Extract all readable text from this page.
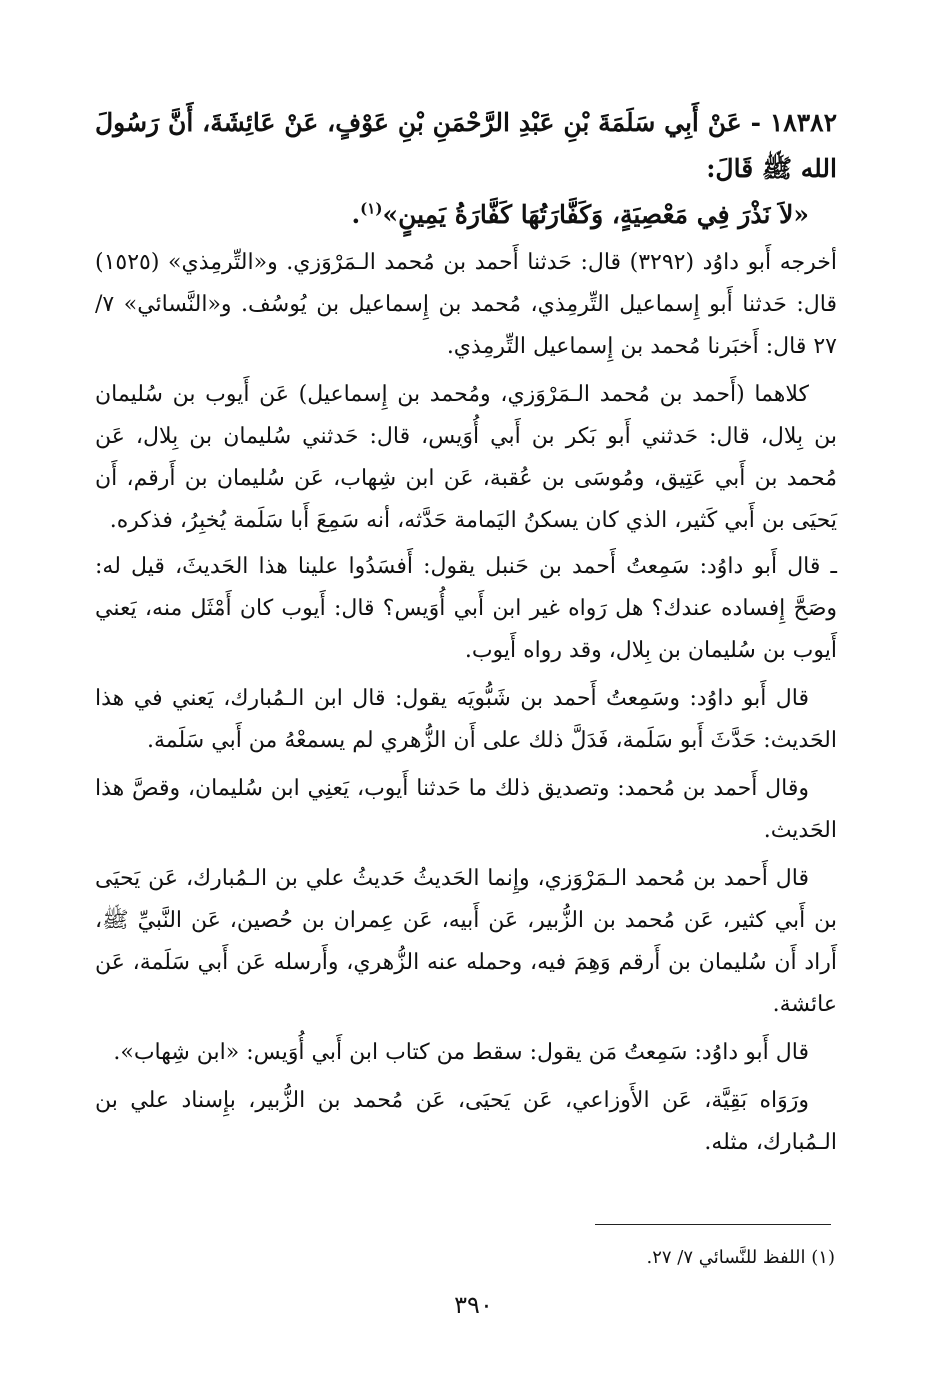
١٨٣٨٢ - عَنْ أَبِي سَلَمَةَ بْنِ عَبْدِ الرَّحْمَنِ بْنِ عَوْفٍ، عَنْ عَائِشَةَ، أَنَّ رَسُولَ الله ﷺ قَالَ:

«لاَ نَذْرَ فِي مَعْصِيَةٍ، وَكَفَّارَتُهَا كَفَّارَةُ يَمِينٍ»$^{(١)}$.

أخرجه أَبو داوُد (٣٢٩٢) قال: حَدثنا أَحمد بن مُحمد الـمَرْوَزي. و«التِّرمِذي» (١٥٢٥) قال: حَدثنا أَبو إِسماعيل التِّرمِذي، مُحمد بن إِسماعيل بن يُوسُف. و«النَّسائي» ٧/ ٢٧ قال: أَخبَرنا مُحمد بن إِسماعيل التِّرمِذي.

كلاهما (أَحمد بن مُحمد الـمَرْوَزي، ومُحمد بن إِسماعيل) عَن أَيوب بن سُليمان بن بِلال، قال: حَدثني أَبو بَكر بن أَبي أُوَيس، قال: حَدثني سُليمان بن بِلال، عَن مُحمد بن أَبي عَتِيق، ومُوسَى بن عُقبة، عَن ابن شِهاب، عَن سُليمان بن أَرقم، أَن يَحيَى بن أَبي كَثير، الذي كان يسكنُ اليَمامة حَدَّثه، أنه سَمِعَ أَبا سَلَمة يُخبِرُ، فذكره.

ـ قال أَبو داوُد: سَمِعتُ أَحمد بن حَنبل يقول: أَفسَدُوا علينا هذا الحَديثَ، قيل له: وصَحَّ إِفساده عندك؟ هل رَواه غير ابن أَبي أُوَيس؟ قال: أَيوب كان أَمْثَل منه، يَعني أَيوب بن سُليمان بن بِلال، وقد رواه أَيوب.

قال أَبو داوُد: وسَمِعتُ أَحمد بن شَبُّويَه يقول: قال ابن الـمُبارك، يَعني في هذا الحَديث: حَدَّثَ أَبو سَلَمة، فَدَلَّ ذلك على أَن الزُّهري لم يسمعْهُ من أَبي سَلَمة.

وقال أَحمد بن مُحمد: وتصديق ذلك ما حَدثنا أَيوب، يَعنِي ابن سُليمان، وقصَّ هذا الحَديث.

قال أَحمد بن مُحمد الـمَرْوَزي، وإِنما الحَديثُ حَديثُ علي بن الـمُبارك، عَن يَحيَى بن أَبي كثير، عَن مُحمد بن الزُّبير، عَن أَبيه، عَن عِمران بن حُصين، عَن النَّبيِّ ﷺ، أَراد أَن سُليمان بن أَرقم وَهِمَ فيه، وحمله عنه الزُّهري، وأَرسله عَن أَبي سَلَمة، عَن عائشة.

قال أَبو داوُد: سَمِعتُ مَن يقول: سقط من كتاب ابن أَبي أُوَيس: «ابن شِهاب».

ورَوَاه بَقِيَّة، عَن الأَوزاعي، عَن يَحيَى، عَن مُحمد بن الزُّبير، بإِسناد علي بن الـمُبارك، مثله.

(١) اللفظ للنَّسائي ٧/ ٢٧.
٣٩٠
